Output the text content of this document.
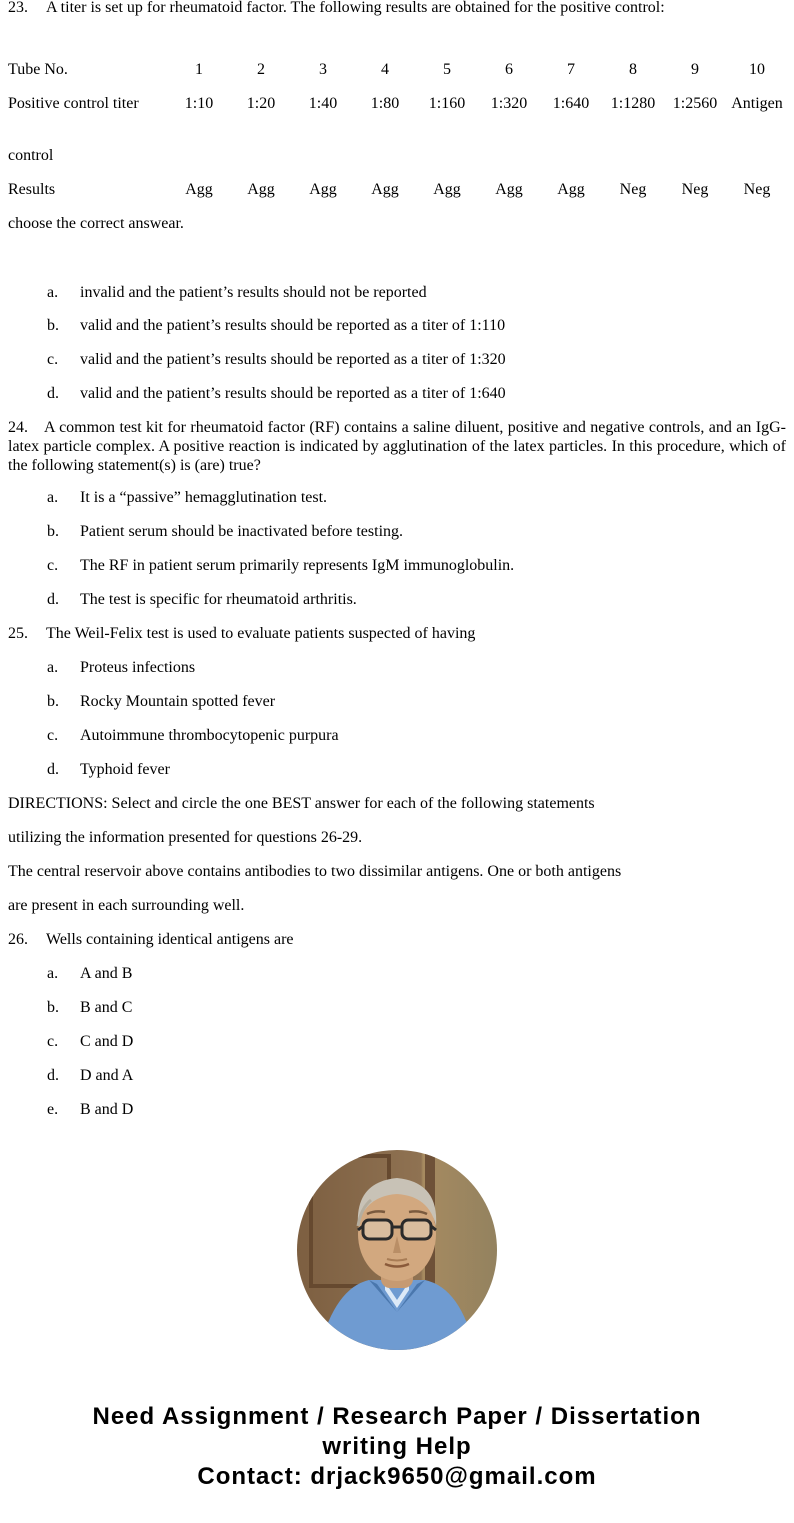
23. A titer is set up for rheumatoid factor. The following results are obtained for the positive control:
Tube No.	1	2	3	4	5	6	7	8	9	10
Positive control titer	1:10	1:20	1:40	1:80	1:160	1:320	1:640	1:1280	1:2560 Antigen
control
Results	Agg	Agg	Agg	Agg	Agg	Agg	Agg	Neg	Neg	Neg
choose the correct answear.
a.	invalid and the patient’s results should not be reported
b.	valid and the patient’s results should be reported as a titer of 1:110
c.	valid and the patient’s results should be reported as a titer of 1:320
d.	valid and the patient’s results should be reported as a titer of 1:640
24. A common test kit for rheumatoid factor (RF) contains a saline diluent, positive and negative controls, and an IgG-latex particle complex. A positive reaction is indicated by agglutination of the latex particles. In this procedure, which of the following statement(s) is (are) true?
a.	It is a “passive” hemagglutination test.
b.	Patient serum should be inactivated before testing.
c.	The RF in patient serum primarily represents IgM immunoglobulin.
d.	The test is specific for rheumatoid arthritis.
25. The Weil-Felix test is used to evaluate patients suspected of having
a.	Proteus infections
b.	Rocky Mountain spotted fever
c.	Autoimmune thrombocytopenic purpura
d.	Typhoid fever
DIRECTIONS: Select and circle the one BEST answer for each of the following statements
utilizing the information presented for questions 26-29.
The central reservoir above contains antibodies to two dissimilar antigens. One or both antigens
are present in each surrounding well.
26. Wells containing identical antigens are
a.	A and B
b.	B and C
c.	C and D
d.	D and A
e.	B and D
Need Assignment / Research Paper / Dissertation
writing Help
Contact: drjack9650@gmail.com
